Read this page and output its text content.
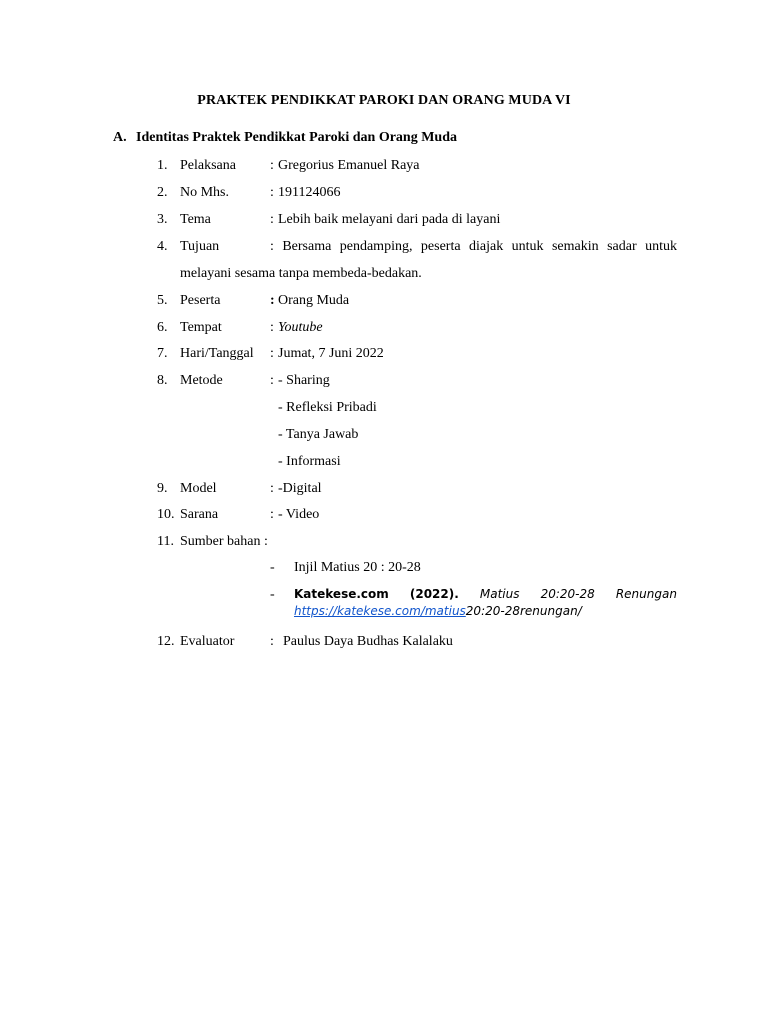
PRAKTEK PENDIKKAT PAROKI DAN ORANG MUDA VI
A. Identitas Praktek Pendikkat Paroki dan Orang Muda
1. Pelaksana : Gregorius Emanuel Raya
2. No Mhs.	: 191124066
3. Tema	: Lebih baik melayani dari pada di layani
4. Tujuan	: Bersama pendamping, peserta diajak untuk semakin sadar untuk
melayani sesama tanpa membeda-bedakan.
5. Peserta	: Orang Muda
6. Tempat	: Youtube
7. Hari/Tanggal : Jumat, 7 Juni 2022
8. Metode	: - Sharing
- Refleksi Pribadi
- Tanya Jawab
- Informasi
9. Model	: -Digital
10. Sarana	: - Video
11. Sumber bahan :
- Injil Matius 20 : 20-28
- Katekese.com (2022). Matius 20:20-28 Renungan
https://katekese.com/matius20:20-28renungan/
12. Evaluator	: Paulus Daya Budhas Kalalaku
